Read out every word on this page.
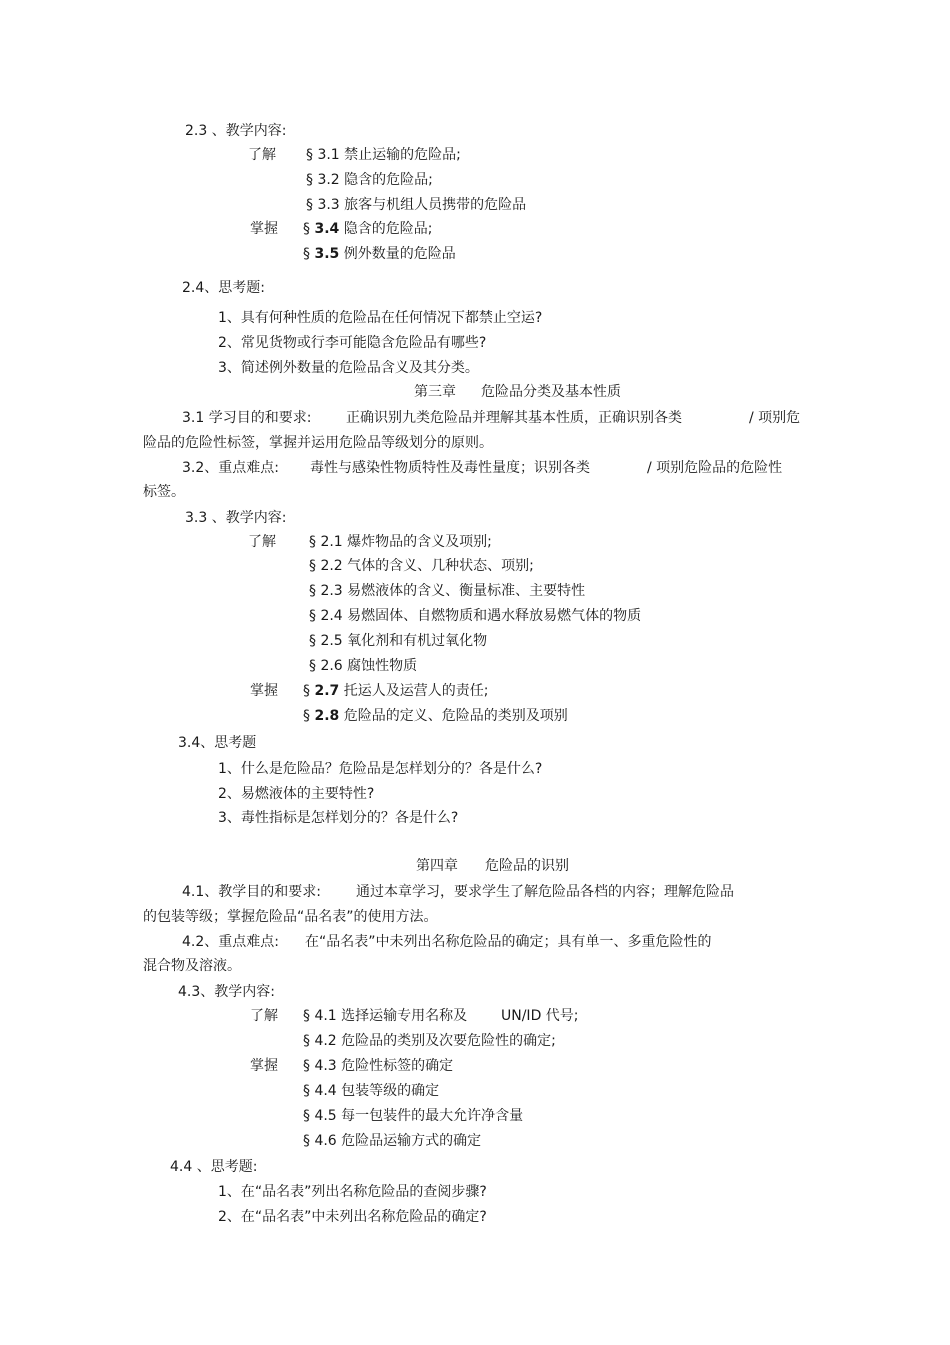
2.3 、教学内容:
了解 § 3.1 禁止运输的危险品;
§ 3.2 隐含的危险品;
§ 3.3 旅客与机组人员携带的危险品
掌握 § 3.4 隐含的危险品;
§ 3.5 例外数量的危险品
2.4、思考题:
1、具有何种性质的危险品在任何情况下都禁止空运?
2、常见货物或行李可能隐含危险品有哪些?
3、简述例外数量的危险品含义及其分类。
第三章 危险品分类及基本性质
3.1 学习目的和要求: 正确识别九类危险品并理解其基本性质，正确识别各类	/ 项别危
险品的危险性标签，掌握并运用危险品等级划分的原则。
3.2、重点难点: 毒性与感染性物质特性及毒性量度；识别各类	/ 项别危险品的危险性
标签。
3.3 、教学内容:
了解 § 2.1 爆炸物品的含义及项别;
§ 2.2 气体的含义、几种状态、项别;
§ 2.3 易燃液体的含义、衡量标准、主要特性
§ 2.4 易燃固体、自燃物质和遇水释放易燃气体的物质
§ 2.5 氧化剂和有机过氧化物
§ 2.6 腐蚀性物质
掌握 § 2.7 托运人及运营人的责任;
§ 2.8 危险品的定义、危险品的类别及项别
3.4、思考题
1、什么是危险品？危险品是怎样划分的？各是什么?
2、易燃液体的主要特性?
3、毒性指标是怎样划分的？各是什么?
第四章 危险品的识别
4.1、教学目的和要求:	通过本章学习，要求学生了解危险品各档的内容；理解危险品
的包装等级；掌握危险品“品名表”的使用方法。
4.2、重点难点: 在“品名表”中未列出名称危险品的确定；具有单一、多重危险性的
混合物及溶液。
4.3、教学内容:
了解 § 4.1 选择运输专用名称及 UN/ID 代号;
§ 4.2 危险品的类别及次要危险性的确定;
掌握 § 4.3 危险性标签的确定
§ 4.4 包装等级的确定
§ 4.5 每一包装件的最大允许净含量
§ 4.6 危险品运输方式的确定
4.4 、思考题:
1、在“品名表”列出名称危险品的查阅步骤?
2、在“品名表”中未列出名称危险品的确定?
